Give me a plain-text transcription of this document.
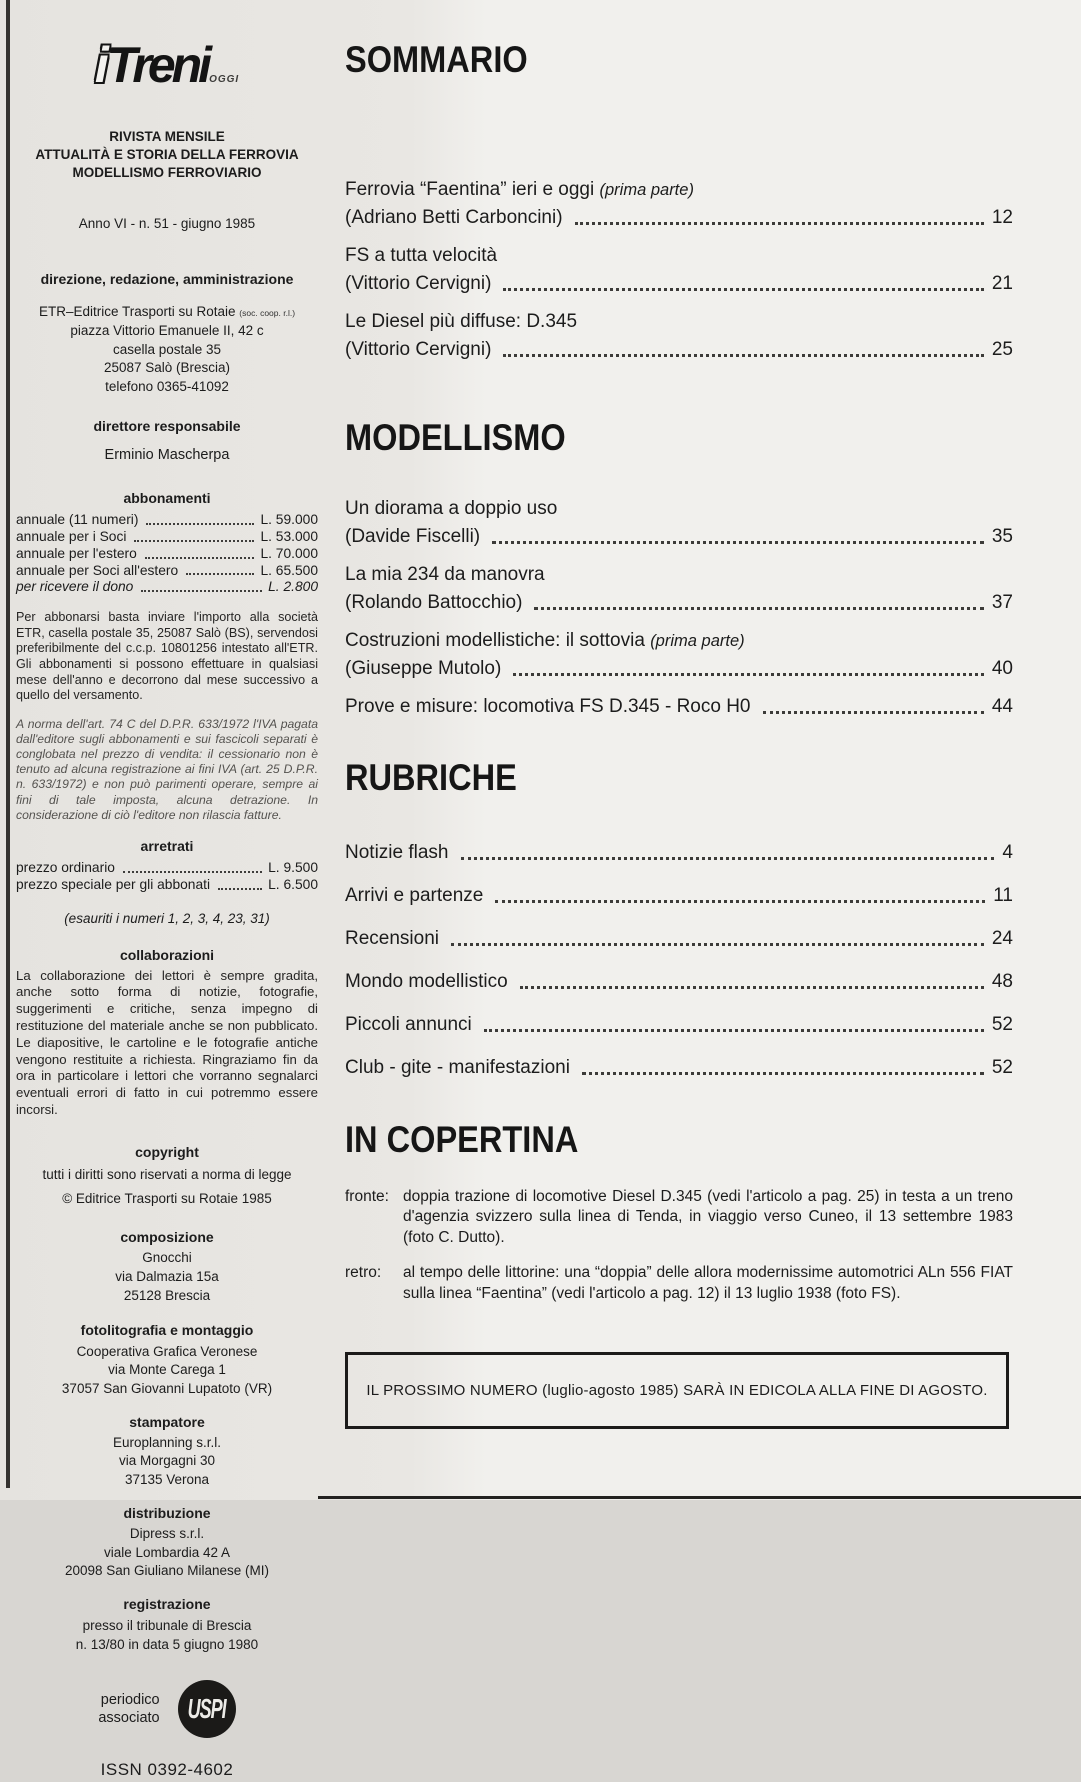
iTreniOGGI
RIVISTA MENSILE
ATTUALITÀ E STORIA DELLA FERROVIA
MODELLISMO FERROVIARIO
Anno VI - n. 51 - giugno 1985
direzione, redazione, amministrazione
ETR–Editrice Trasporti su Rotaie (soc. coop. r.l.)
piazza Vittorio Emanuele II, 42 c
casella postale 35
25087 Salò (Brescia)
telefono 0365-41092
direttore responsabile
Erminio Mascherpa
abbonamenti
annuale (11 numeri)	L. 59.000
annuale per i Soci	L. 53.000
annuale per l'estero	L. 70.000
annuale per Soci all'estero	L. 65.500
per ricevere il dono	L. 2.800
Per abbonarsi basta inviare l'importo alla società ETR, casella postale 35, 25087 Salò (BS), servendosi preferibilmente del c.c.p. 10801256 intestato all'ETR. Gli abbonamenti si possono effettuare in qualsiasi mese dell'anno e decorrono dal mese successivo a quello del versamento.
A norma dell'art. 74 C del D.P.R. 633/1972 l'IVA pagata dall'editore sugli abbonamenti e sui fascicoli separati è conglobata nel prezzo di vendita: il cessionario non è tenuto ad alcuna registrazione ai fini IVA (art. 25 D.P.R. n. 633/1972) e non può parimenti operare, sempre ai fini di tale imposta, alcuna detrazione. In considerazione di ciò l'editore non rilascia fatture.
arretrati
prezzo ordinario	L. 9.500
prezzo speciale per gli abbonati	L. 6.500
(esauriti i numeri 1, 2, 3, 4, 23, 31)
collaborazioni
La collaborazione dei lettori è sempre gradita, anche sotto forma di notizie, fotografie, suggerimenti e critiche, senza impegno di restituzione del materiale anche se non pubblicato. Le diapositive, le cartoline e le fotografie antiche vengono restituite a richiesta. Ringraziamo fin da ora in particolare i lettori che vorranno segnalarci eventuali errori di fatto in cui potremmo essere incorsi.
copyright
tutti i diritti sono riservati a norma di legge
© Editrice Trasporti su Rotaie 1985
composizione
Gnocchi
via Dalmazia 15a
25128 Brescia
fotolitografia e montaggio
Cooperativa Grafica Veronese
via Monte Carega 1
37057 San Giovanni Lupatoto (VR)
stampatore
Europlanning s.r.l.
via Morgagni 30
37135 Verona
distribuzione
Dipress s.r.l.
viale Lombardia 42 A
20098 San Giuliano Milanese (MI)
registrazione
presso il tribunale di Brescia
n. 13/80 in data 5 giugno 1980
periodico
associato USPI
ISSN 0392-4602
SOMMARIO
Ferrovia “Faentina” ieri e oggi (prima parte)
(Adriano Betti Carboncini)	12
FS a tutta velocità
(Vittorio Cervigni)	21
Le Diesel più diffuse: D.345
(Vittorio Cervigni)	25
MODELLISMO
Un diorama a doppio uso
(Davide Fiscelli)	35
La mia 234 da manovra
(Rolando Battocchio)	37
Costruzioni modellistiche: il sottovia (prima parte)
(Giuseppe Mutolo)	40
Prove e misure: locomotiva FS D.345 - Roco H0	44
RUBRICHE
Notizie flash	4
Arrivi e partenze	11
Recensioni	24
Mondo modellistico	48
Piccoli annunci	52
Club - gite - manifestazioni	52
IN COPERTINA
fronte: doppia trazione di locomotive Diesel D.345 (vedi l'articolo a pag. 25) in testa a un treno d'agenzia svizzero sulla linea di Tenda, in viaggio verso Cuneo, il 13 settembre 1983 (foto C. Dutto).
retro:	al tempo delle littorine: una “doppia” delle allora modernissime automotrici ALn 556 FIAT sulla linea “Faentina” (vedi l'articolo a pag. 12) il 13 luglio 1938 (foto FS).
IL PROSSIMO NUMERO (luglio-agosto 1985) SARÀ IN EDICOLA ALLA FINE DI AGOSTO.
